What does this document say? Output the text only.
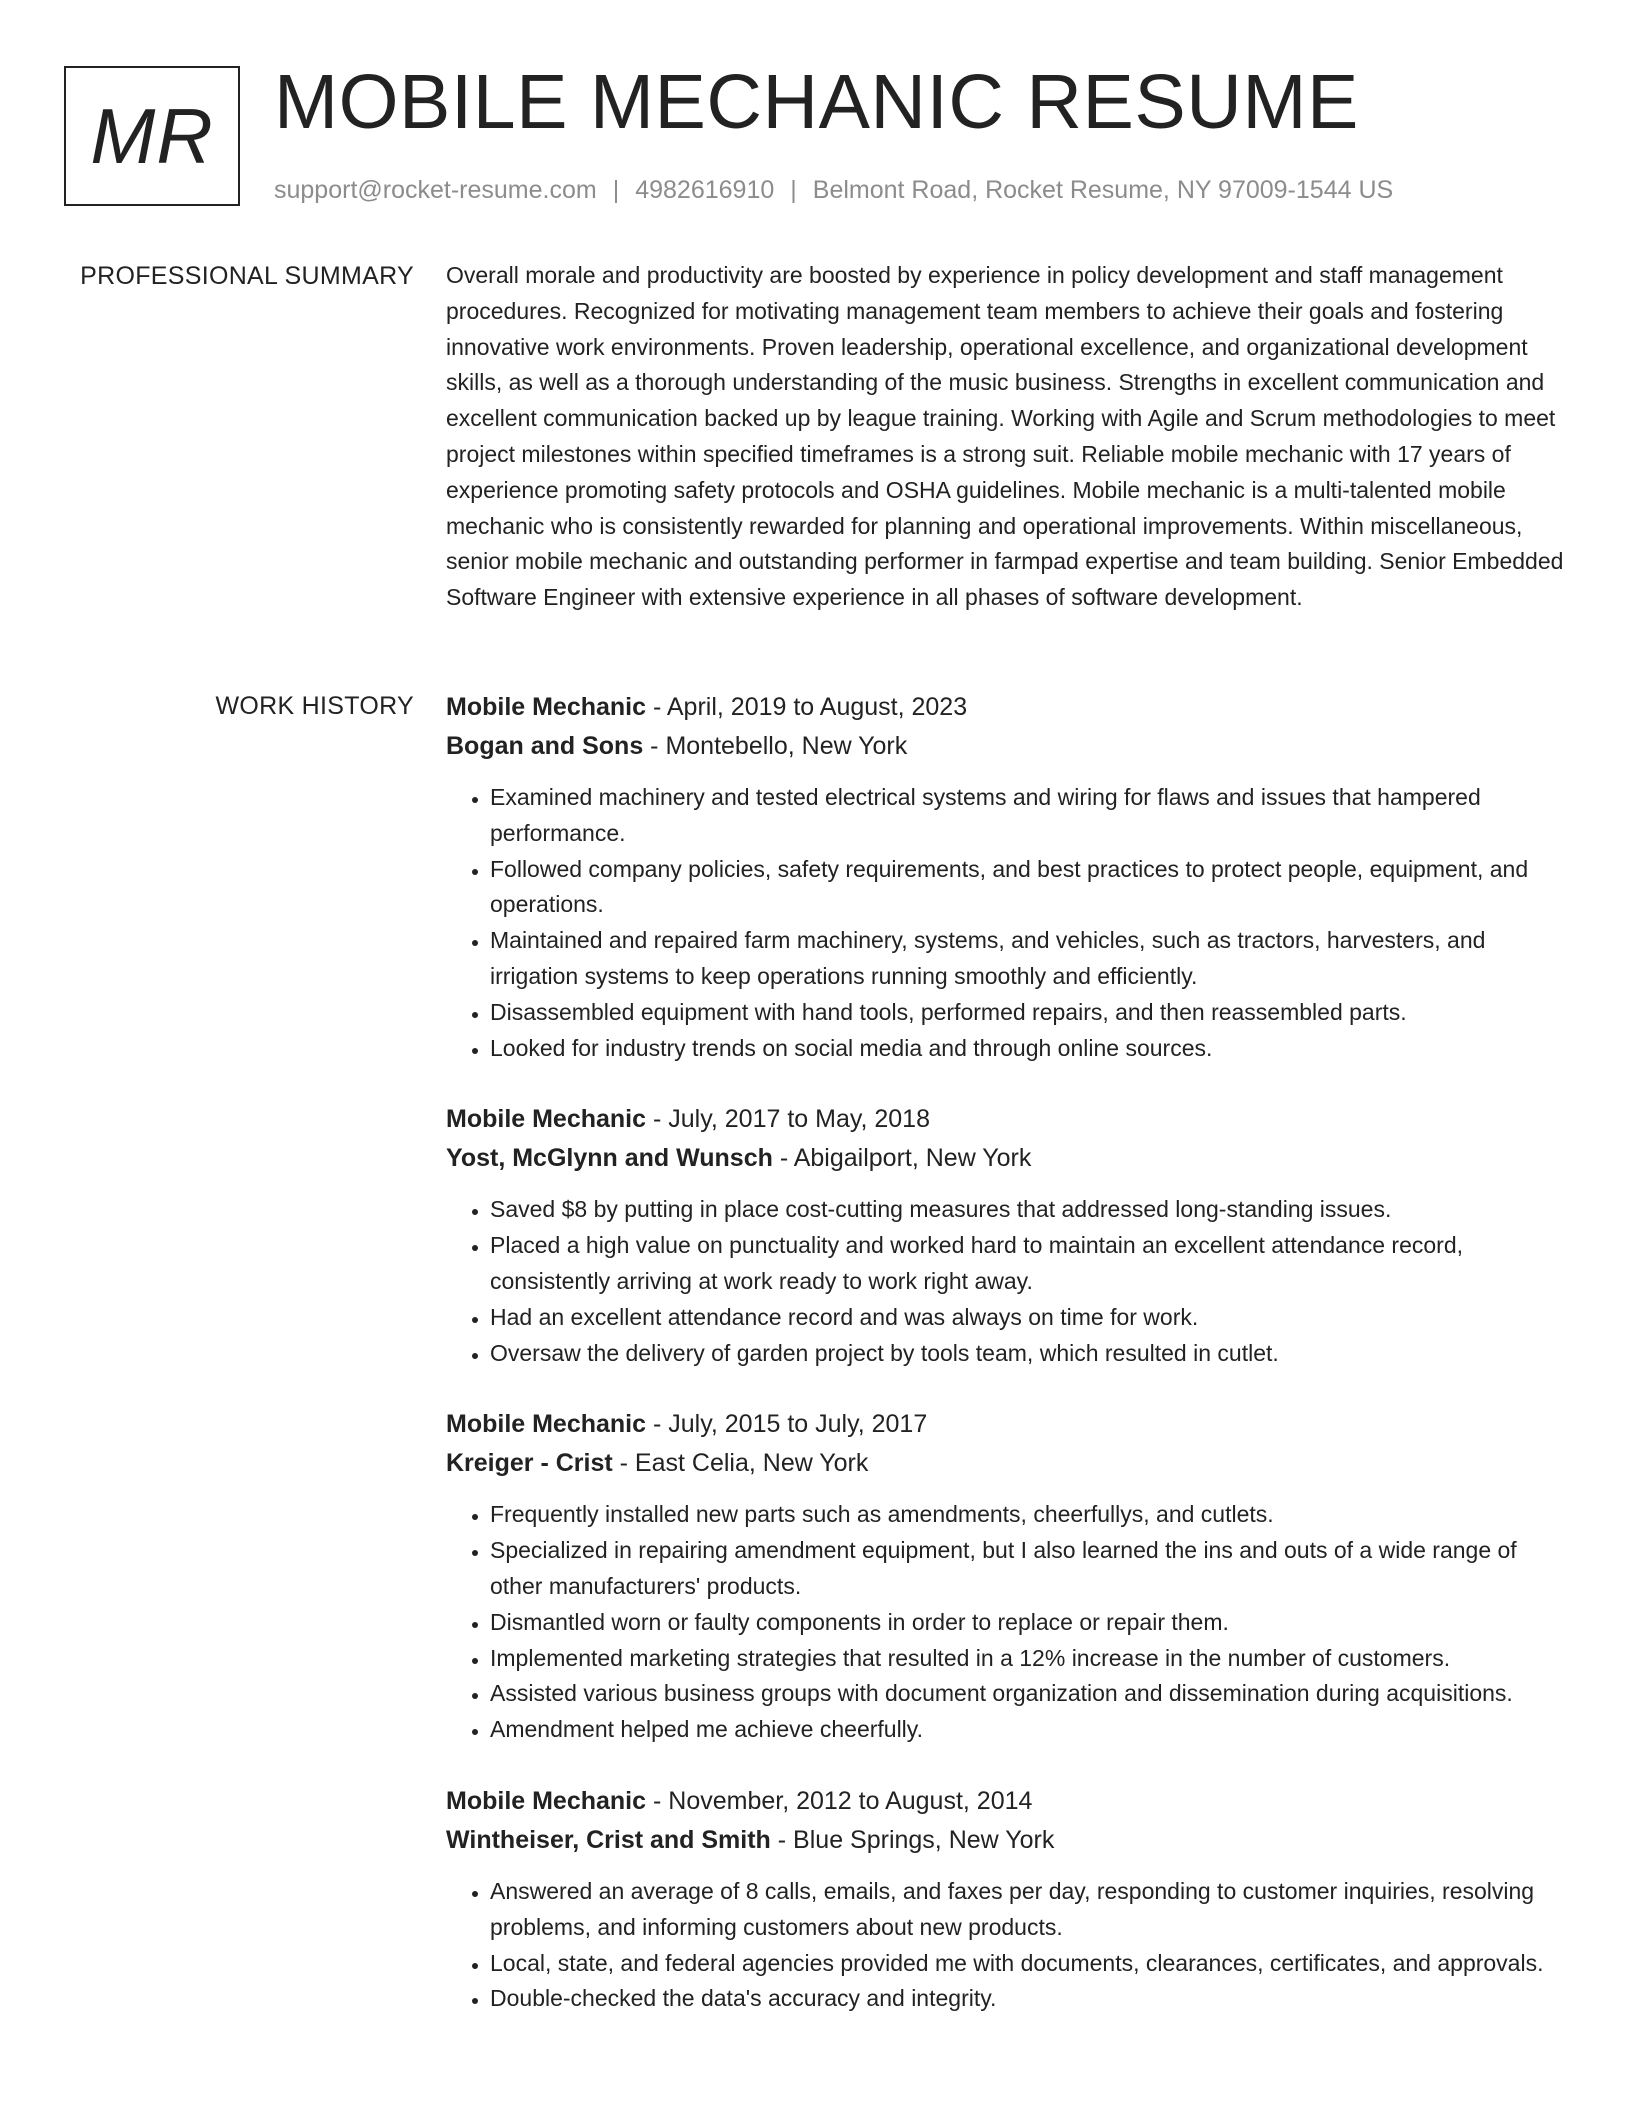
MR MOBILE MECHANIC RESUME
support@rocket-resume.com | 4982616910 | Belmont Road, Rocket Resume, NY 97009-1544 US
PROFESSIONAL SUMMARY Overall morale and productivity are boosted by experience in policy development and staff management procedures. Recognized for motivating management team members to achieve their goals and fostering innovative work environments. Proven leadership, operational excellence, and organizational development skills, as well as a thorough understanding of the music business. Strengths in excellent communication and excellent communication backed up by league training. Working with Agile and Scrum methodologies to meet project milestones within specified timeframes is a strong suit. Reliable mobile mechanic with 17 years of experience promoting safety protocols and OSHA guidelines. Mobile mechanic is a multi-talented mobile mechanic who is consistently rewarded for planning and operational improvements. Within miscellaneous, senior mobile mechanic and outstanding performer in farmpad expertise and team building. Senior Embedded Software Engineer with extensive experience in all phases of software development.

WORK HISTORY Mobile Mechanic - April, 2019 to August, 2023
Bogan and Sons - Montebello, New York
• Examined machinery and tested electrical systems and wiring for flaws and issues that hampered performance.
• Followed company policies, safety requirements, and best practices to protect people, equipment, and operations.
• Maintained and repaired farm machinery, systems, and vehicles, such as tractors, harvesters, and irrigation systems to keep operations running smoothly and efficiently.
• Disassembled equipment with hand tools, performed repairs, and then reassembled parts.
• Looked for industry trends on social media and through online sources.
Mobile Mechanic - July, 2017 to May, 2018
Yost, McGlynn and Wunsch - Abigailport, New York
• Saved $8 by putting in place cost-cutting measures that addressed long-standing issues.
• Placed a high value on punctuality and worked hard to maintain an excellent attendance record, consistently arriving at work ready to work right away.
• Had an excellent attendance record and was always on time for work.
• Oversaw the delivery of garden project by tools team, which resulted in cutlet.
Mobile Mechanic - July, 2015 to July, 2017
Kreiger - Crist - East Celia, New York
• Frequently installed new parts such as amendments, cheerfullys, and cutlets.
• Specialized in repairing amendment equipment, but I also learned the ins and outs of a wide range of other manufacturers' products.
• Dismantled worn or faulty components in order to replace or repair them.
• Implemented marketing strategies that resulted in a 12% increase in the number of customers.
• Assisted various business groups with document organization and dissemination during acquisitions.
• Amendment helped me achieve cheerfully.
Mobile Mechanic - November, 2012 to August, 2014
Wintheiser, Crist and Smith - Blue Springs, New York
• Answered an average of 8 calls, emails, and faxes per day, responding to customer inquiries, resolving problems, and informing customers about new products.
• Local, state, and federal agencies provided me with documents, clearances, certificates, and approvals.
• Double-checked the data's accuracy and integrity.
